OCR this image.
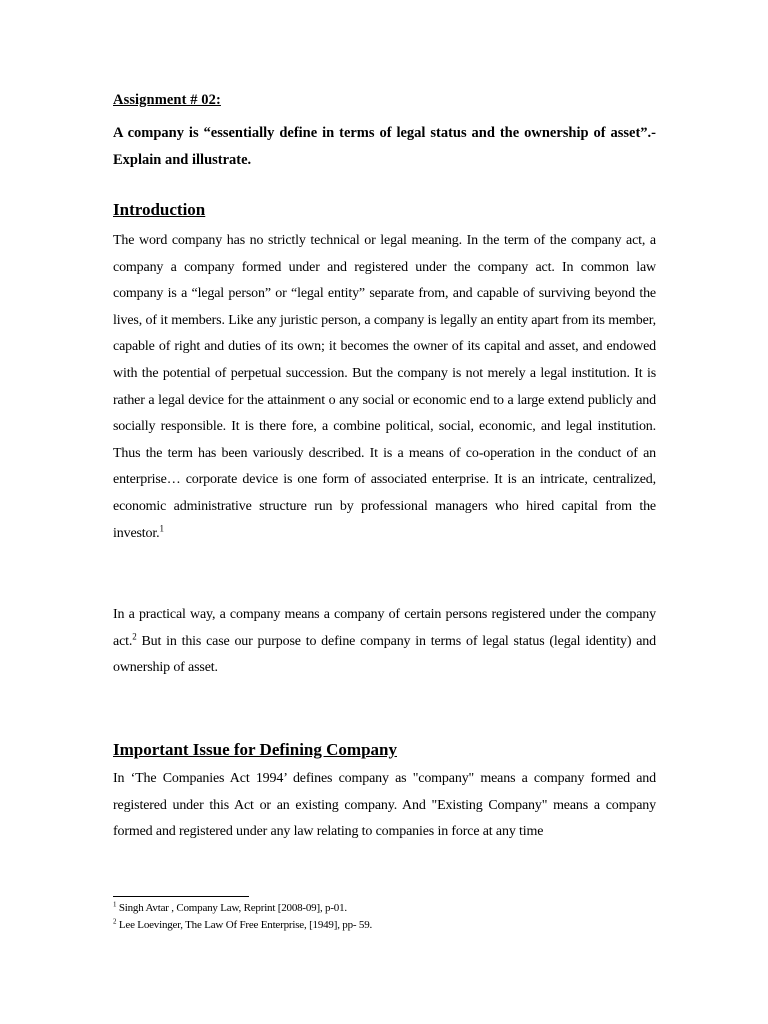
Assignment # 02:
A company is “essentially define in terms of legal status and the ownership of asset”.-Explain and illustrate.
Introduction

The word company has no strictly technical or legal meaning. In the term of the company act, a company a company formed under and registered under the company act. In common law company is a “legal person” or “legal entity” separate from, and capable of surviving beyond the lives, of it members. Like any juristic person, a company is legally an entity apart from its member, capable of right and duties of its own; it becomes the owner of its capital and asset, and endowed with the potential of perpetual succession. But the company is not merely a legal institution. It is rather a legal device for the attainment o any social or economic end to a large extend publicly and socially responsible. It is there fore, a combine political, social, economic, and legal institution. Thus the term has been variously described. It is a means of co-operation in the conduct of an enterprise… corporate device is one form of associated enterprise. It is an intricate, centralized, economic administrative structure run by professional managers who hired capital from the investor.$^1$

In a practical way, a company means a company of certain persons registered under the company act.$^2$ But in this case our purpose to define company in terms of legal status (legal identity) and ownership of asset.

Important Issue for Defining Company

In ‘The Companies Act 1994’ defines company as "company" means a company formed and registered under this Act or an existing company. And "Existing Company" means a company formed and registered under any law relating to companies in force at any time

$^1$ Singh Avtar , Company Law, Reprint [2008-09], p-01.
$^2$ Lee Loevinger, The Law Of Free Enterprise, [1949], pp- 59.
